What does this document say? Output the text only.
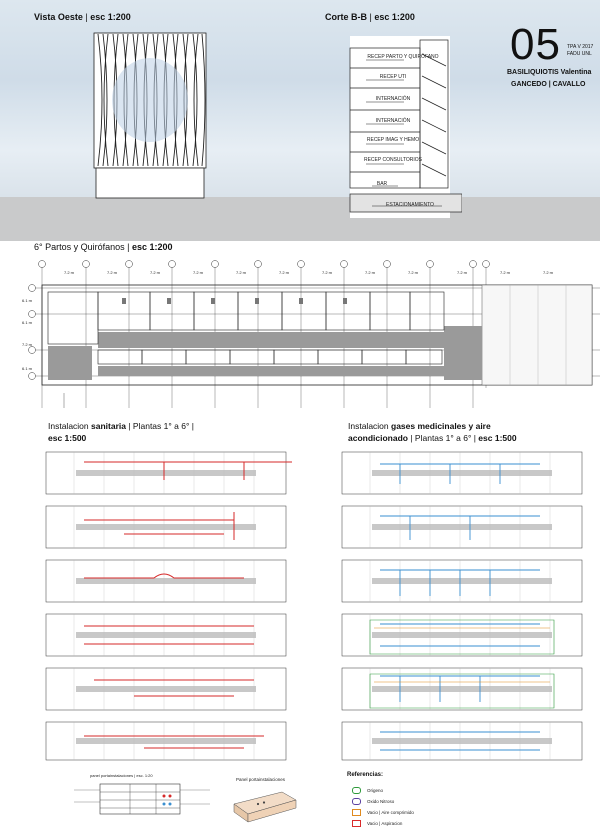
Vista Oeste | esc 1:200	Corte B-B | esc 1:200
05 TPA V 2017
FADU UNL
BASILIQUIOTIS Valentina
GANCEDO | CAVALLO
RECEP PARTO Y QUIRÓFANO
RECEP UTI
INTERNACIÓN
INTERNACIÓN
RECEP IMAG Y HEMO
RECEP CONSULTORIOS
BAR
ESTACIONAMIENTO
6° Partos y Quirófanos | esc 1:200
7.2 m	7.2 m	7.2 m	7.2 m	7.2 m	7.2 m	7.2 m	7.2 m	7.2 m	7.2 m	7.2 m	7.2 m
6.1 m
6.1 m
7.2 m
6.1 m
Instalacion sanitaria | Plantas 1° a 6° |
esc 1:500
Instalacion gases medicinales y aire acondicionado | Plantas 1° a 6° | esc 1:500
panel portainstalaciones | esc. 1:20
Panel portainstalaciones
Referencias:
Origeno
Oxido Nitroso
Vacio | Aire comprimido
Vacio | Aspiracion
